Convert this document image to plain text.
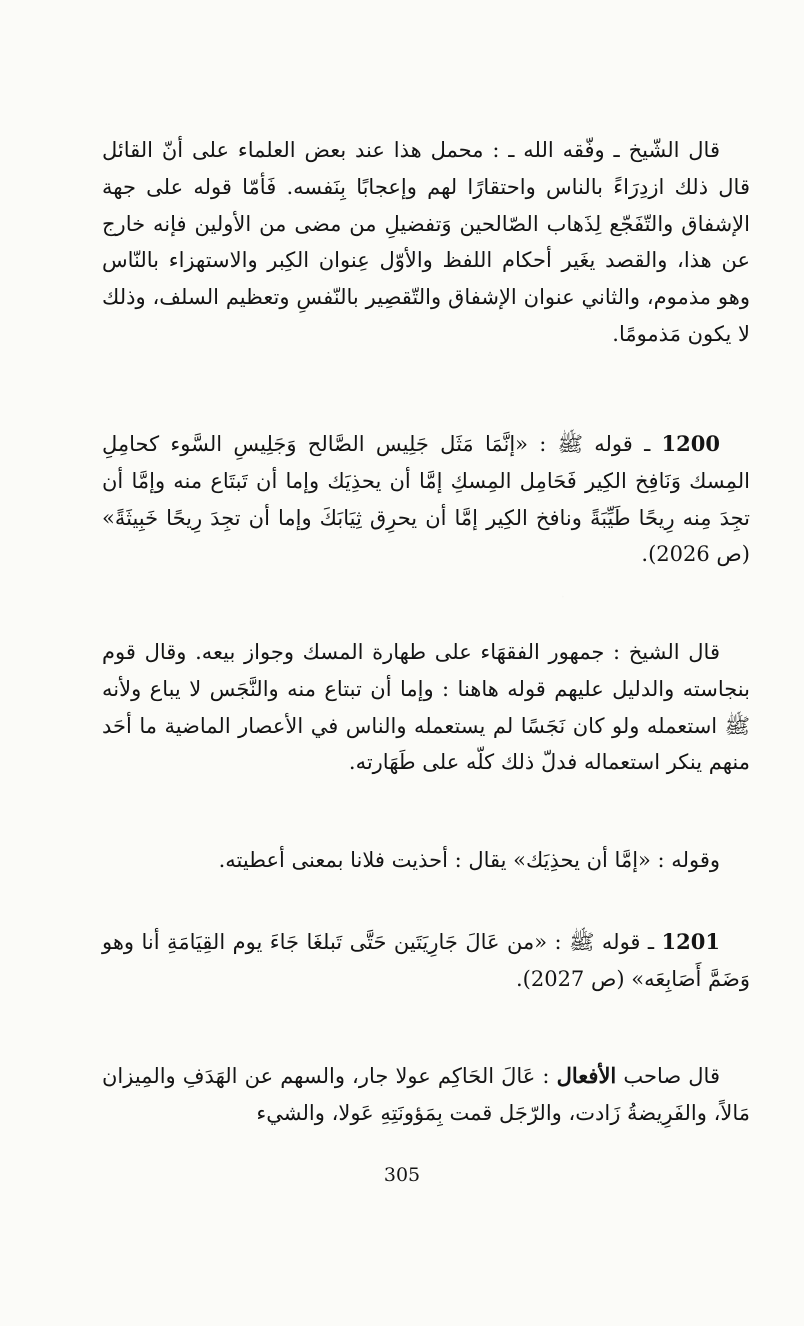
قال الشّيخ ـ وفّقه الله ـ : محمل هذا عند بعض العلماء على أنّ القائل قال ذلك ازدِرَاءً بالناس واحتقارًا لهم وإعجابًا بِنَفسه. فَأمّا قوله على جهة الإشفاق والتّفَجّع لِذَهاب الصّالحين وَتفضيلِ من مضى من الأولين فإنه خارج عن هذا، والقصد يغَير أحكام اللفظ والأوّل عِنوان الكِبر والاستهزاء بالنّاس وهو مذموم، والثاني عنوان الإشفاق والتّقصِير بالنّفسِ وتعظيم السلف، وذلك لا يكون مَذمومًا.

1200 ـ قوله ﷺ : «إنَّمَا مَثَل جَلِيس الصَّالح وَجَلِيسِ السَّوء كحامِلِ المِسك وَنَافِخ الكِير فَحَامِل المِسكِ إمَّا أن يحذِيَك وإما أن تَبتَاع منه وإمَّا أن تجِدَ مِنه رِيحًا طَيِّبَةً ونافخ الكِير إمَّا أن يحرِق ثِيَابَكَ وإما أن تجِدَ رِيحًا خَبِيثَةً» (ص 2026).

قال الشيخ : جمهور الفقهَاء على طهارة المسك وجواز بيعه. وقال قوم بنجاسته والدليل عليهم قوله هاهنا : وإما أن تبتاع منه والنَّجَس لا يباع ولأنه ﷺ استعمله ولو كان نَجَسًا لم يستعمله والناس في الأعصار الماضية ما أحَد منهم ينكر استعماله فدلّ ذلك كلّه على طَهَارته.

وقوله : «إمَّا أن يحذِيَك» يقال : أحذيت فلانا بمعنى أعطيته.

1201 ـ قوله ﷺ : «من عَالَ جَارِيَتَين حَتَّى تَبلغَا جَاءَ يوم القِيَامَةِ أنا وهو وَضَمَّ أَصَابِعَه» (ص 2027).

قال صاحب الأفعال : عَالَ الحَاكِم عولا جار، والسهم عن الهَدَفِ والمِيزان مَالاً، والفَرِيضةُ زَادت، والرّجَل قمت بِمَؤونَتِهِ عَولا، والشيء

305
